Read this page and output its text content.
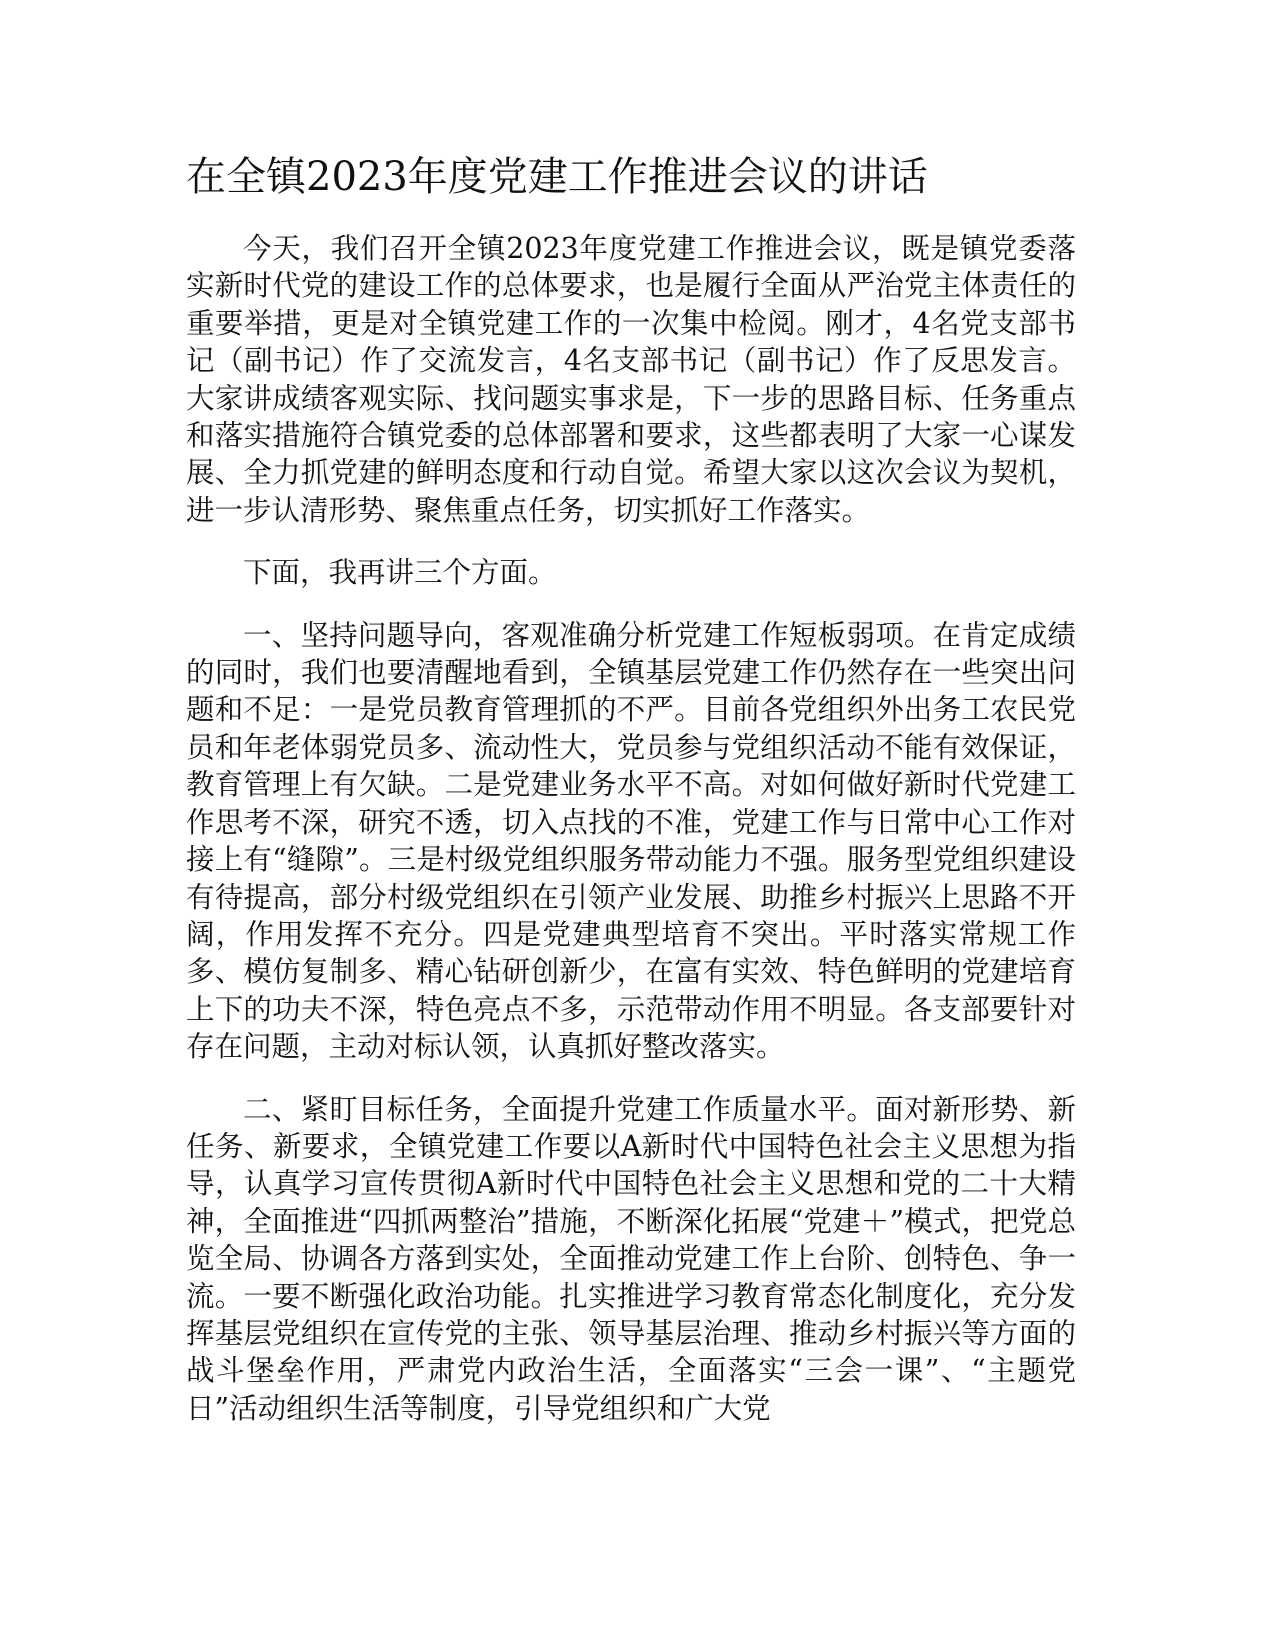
在全镇2023年度党建工作推进会议的讲话

今天，我们召开全镇2023年度党建工作推进会议，既是镇党委落实新时代党的建设工作的总体要求，也是履行全面从严治党主体责任的重要举措，更是对全镇党建工作的一次集中检阅。刚才，4名党支部书记（副书记）作了交流发言，4名支部书记（副书记）作了反思发言。大家讲成绩客观实际、找问题实事求是，下一步的思路目标、任务重点和落实措施符合镇党委的总体部署和要求，这些都表明了大家一心谋发展、全力抓党建的鲜明态度和行动自觉。希望大家以这次会议为契机，进一步认清形势、聚焦重点任务，切实抓好工作落实。

下面，我再讲三个方面。

一、坚持问题导向，客观准确分析党建工作短板弱项。在肯定成绩的同时，我们也要清醒地看到，全镇基层党建工作仍然存在一些突出问题和不足：一是党员教育管理抓的不严。目前各党组织外出务工农民党员和年老体弱党员多、流动性大，党员参与党组织活动不能有效保证，教育管理上有欠缺。二是党建业务水平不高。对如何做好新时代党建工作思考不深，研究不透，切入点找的不准，党建工作与日常中心工作对接上有“缝隙”。三是村级党组织服务带动能力不强。服务型党组织建设有待提高，部分村级党组织在引领产业发展、助推乡村振兴上思路不开阔，作用发挥不充分。四是党建典型培育不突出。平时落实常规工作多、模仿复制多、精心钻研创新少，在富有实效、特色鲜明的党建培育上下的功夫不深，特色亮点不多，示范带动作用不明显。各支部要针对存在问题，主动对标认领，认真抓好整改落实。

二、紧盯目标任务，全面提升党建工作质量水平。面对新形势、新任务、新要求，全镇党建工作要以A新时代中国特色社会主义思想为指导，认真学习宣传贯彻A新时代中国特色社会主义思想和党的二十大精神，全面推进“四抓两整治”措施，不断深化拓展“党建＋”模式，把党总览全局、协调各方落到实处，全面推动党建工作上台阶、创特色、争一流。一要不断强化政治功能。扎实推进学习教育常态化制度化，充分发挥基层党组织在宣传党的主张、领导基层治理、推动乡村振兴等方面的战斗堡垒作用，严肃党内政治生活，全面落实“三会一课”、“主题党日”活动组织生活等制度，引导党组织和广大党
